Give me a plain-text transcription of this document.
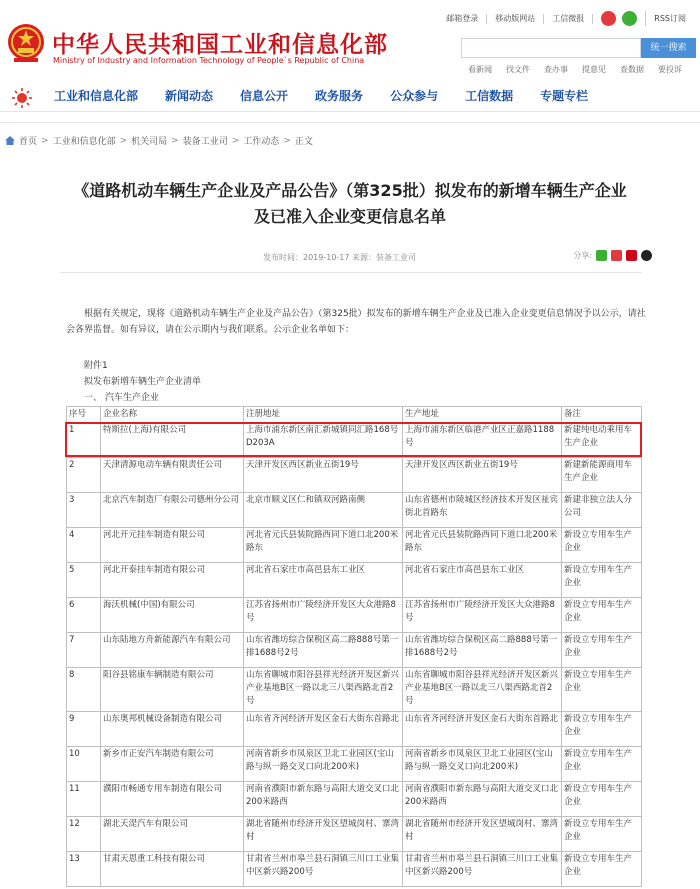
中华人民共和国工业和信息化部
Ministry of Industry and Information Technology of People`s Republic of China
邮箱登录	移动版网站	工信微报	RSS订阅
统一搜索
看新闻 找文件 查办事 提意见 查数据 要投诉
工业和信息化部 新闻动态 信息公开 政务服务 公众参与 工信数据 专题专栏
首页 > 工业和信息化部 > 机关司局 > 装备工业司 > 工作动态 > 正文
《道路机动车辆生产企业及产品公告》（第325批）拟发布的新增车辆生产企业
及已准入企业变更信息名单
发布时间：2019-10-17 来源：装备工业司	分享:
根据有关规定，现将《道路机动车辆生产企业及产品公告》（第325批）拟发布的新增车辆生产企业及已准入企业变更信息情况予以公示，请社会各界监督。如有异议，请在公示期内与我们联系。公示企业名单如下：
附件1
拟发布新增车辆生产企业清单
一、 汽车生产企业
序号	企业名称	注册地址	生产地址	备注
1	特斯拉(上海)有限公司	上海市浦东新区南汇新城镇同汇路168号D203A	上海市浦东新区临港产业区正嘉路1188号	新建纯电动乘用车生产企业
2	天津清源电动车辆有限责任公司	天津开发区西区新业五街19号	天津开发区西区新业五街19号	新建新能源商用车生产企业
3	北京汽车制造厂有限公司德州分公司	北京市顺义区仁和镇双河路南侧	山东省德州市陵城区经济技术开发区祉宾街北首路东	新建非独立法人分公司
4	河北开元挂车制造有限公司	河北省元氏县装院路西同下道口北200米路东	河北省元氏县装院路西同下道口北200米路东	新设立专用车生产企业
5	河北开泰挂车制造有限公司	河北省石家庄市高邑县东工业区	河北省石家庄市高邑县东工业区	新设立专用车生产企业
6	海沃机械(中国)有限公司	江苏省扬州市广陵经济开发区大众港路8号	江苏省扬州市广陵经济开发区大众港路8号	新设立专用车生产企业
7	山东陆地方舟新能源汽车有限公司	山东省潍坊综合保税区高二路888号第一排1688号2号	山东省潍坊综合保税区高二路888号第一排1688号2号	新设立专用车生产企业
8	阳谷县铭康车辆制造有限公司	山东省聊城市阳谷县祥光经济开发区新兴产业基地B区一路以北三八渠西路北首2号	山东省聊城市阳谷县祥光经济开发区新兴产业基地B区一路以北三八渠西路北首2号	新设立专用车生产企业
9	山东奥邦机械设备制造有限公司	山东省齐河经济开发区金石大街东首路北	山东省齐河经济开发区金石大街东首路北	新设立专用车生产企业
10	新乡市正安汽车制造有限公司	河南省新乡市凤泉区卫北工业园区(宝山路与纵一路交叉口向北200米)	河南省新乡市凤泉区卫北工业园区(宝山路与纵一路交叉口向北200米)	新设立专用车生产企业
11	濮阳市畅通专用车制造有限公司	河南省濮阳市新东路与高阳大道交叉口北200米路西	河南省濮阳市新东路与高阳大道交叉口北200米路西	新设立专用车生产企业
12	湖北天湜汽车有限公司	湖北省随州市经济开发区望城岗村、寨湾村	湖北省随州市经济开发区望城岗村、寨湾村	新设立专用车生产企业
13	甘肃天恩重工科技有限公司	甘肃省兰州市皋兰县石洞镇三川口工业集中区新兴路200号	甘肃省兰州市皋兰县石洞镇三川口工业集中区新兴路200号	新设立专用车生产企业
